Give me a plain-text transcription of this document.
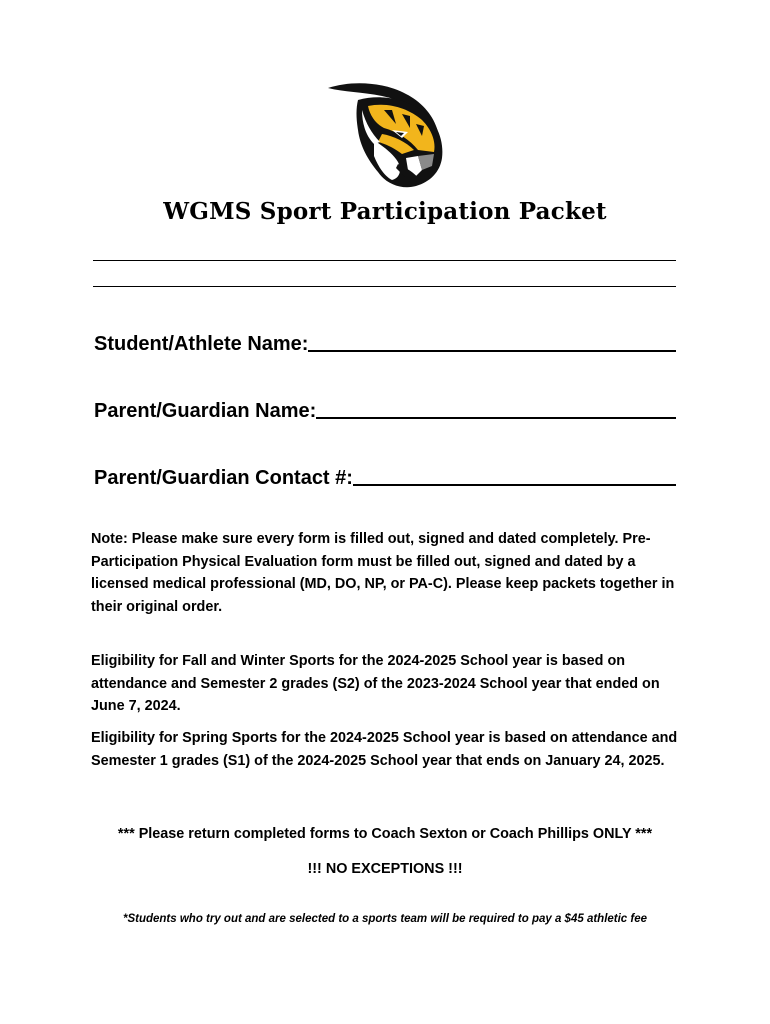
WGMS Sport Participation Packet
Student/Athlete Name:
Parent/Guardian Name:
Parent/Guardian Contact #:

Note: Please make sure every form is filled out, signed and dated completely. Pre-Participation Physical Evaluation form must be filled out, signed and dated by a licensed medical professional (MD, DO, NP, or PA-C). Please keep packets together in their original order.

Eligibility for Fall and Winter Sports for the 2024-2025 School year is based on attendance and Semester 2 grades (S2) of the 2023-2024 School year that ended on June 7, 2024.

Eligibility for Spring Sports for the 2024-2025 School year is based on attendance and Semester 1 grades (S1) of the 2024-2025 School year that ends on January 24, 2025.

*** Please return completed forms to Coach Sexton or Coach Phillips ONLY ***

!!! NO EXCEPTIONS !!!

*Students who try out and are selected to a sports team will be required to pay a $45 athletic fee
